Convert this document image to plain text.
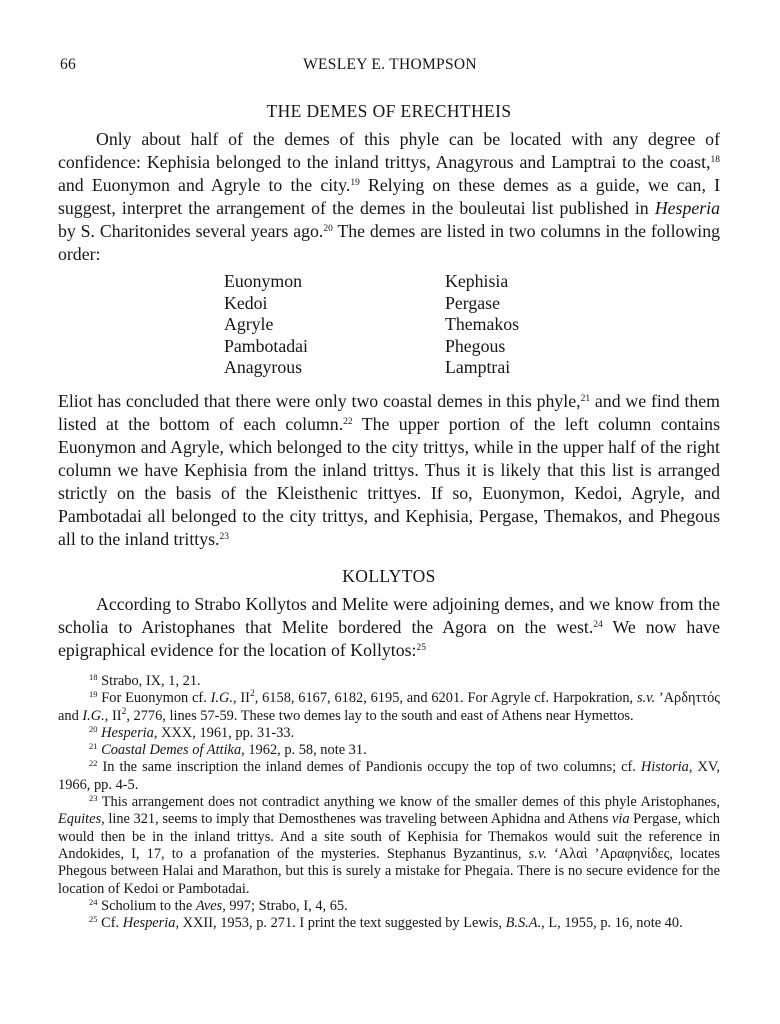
66	WESLEY E. THOMPSON
THE DEMES OF ERECHTHEIS

Only about half of the demes of this phyle can be located with any degree of confidence: Kephisia belonged to the inland trittys, Anagyrous and Lamptrai to the coast,$^{18}$ and Euonymon and Agryle to the city.$^{19}$ Relying on these demes as a guide, we can, I suggest, interpret the arrangement of the demes in the bouleutai list published in Hesperia by S. Charitonides several years ago.$^{20}$ The demes are listed in two columns in the following order:

Euonymon
Kedoi
Agryle
Pambotadai
Anagyrous
Kephisia
Pergase
Themakos
Phegous
Lamptrai

Eliot has concluded that there were only two coastal demes in this phyle,$^{21}$ and we find them listed at the bottom of each column.$^{22}$ The upper portion of the left column contains Euonymon and Agryle, which belonged to the city trittys, while in the upper half of the right column we have Kephisia from the inland trittys. Thus it is likely that this list is arranged strictly on the basis of the Kleisthenic trittyes. If so, Euonymon, Kedoi, Agryle, and Pambotadai all belonged to the city trittys, and Kephisia, Pergase, Themakos, and Phegous all to the inland trittys.$^{23}$

KOLLYTOS

According to Strabo Kollytos and Melite were adjoining demes, and we know from the scholia to Aristophanes that Melite bordered the Agora on the west.$^{24}$ We now have epigraphical evidence for the location of Kollytos:$^{25}$

$^{18}$ Strabo, IX, 1, 21.

$^{19}$ For Euonymon cf. I.G., $II^2$, 6158, 6167, 6182, 6195, and 6201. For Agryle cf. Harpokration, s.v. ’Αρδηττός and I.G., $II^2$, 2776, lines 57-59. These two demes lay to the south and east of Athens near Hymettos.

$^{20}$ Hesperia, XXX, 1961, pp. 31-33.

$^{21}$ Coastal Demes of Attika, 1962, p. 58, note 31.

$^{22}$ In the same inscription the inland demes of Pandionis occupy the top of two columns; cf. Historia, XV, 1966, pp. 4-5.

$^{23}$ This arrangement does not contradict anything we know of the smaller demes of this phyle Aristophanes, Equites, line 321, seems to imply that Demosthenes was traveling between Aphidna and Athens via Pergase, which would then be in the inland trittys. And a site south of Kephisia for Themakos would suit the reference in Andokides, I, 17, to a profanation of the mysteries. Stephanus Byzantinus, s.v. ‘Αλαὶ ’Αραφηνίδες, locates Phegous between Halai and Marathon, but this is surely a mistake for Phegaia. There is no secure evidence for the location of Kedoi or Pambotadai.

$^{24}$ Scholium to the Aves, 997; Strabo, I, 4, 65.

$^{25}$ Cf. Hesperia, XXII, 1953, p. 271. I print the text suggested by Lewis, B.S.A., L, 1955, p. 16, note 40.
